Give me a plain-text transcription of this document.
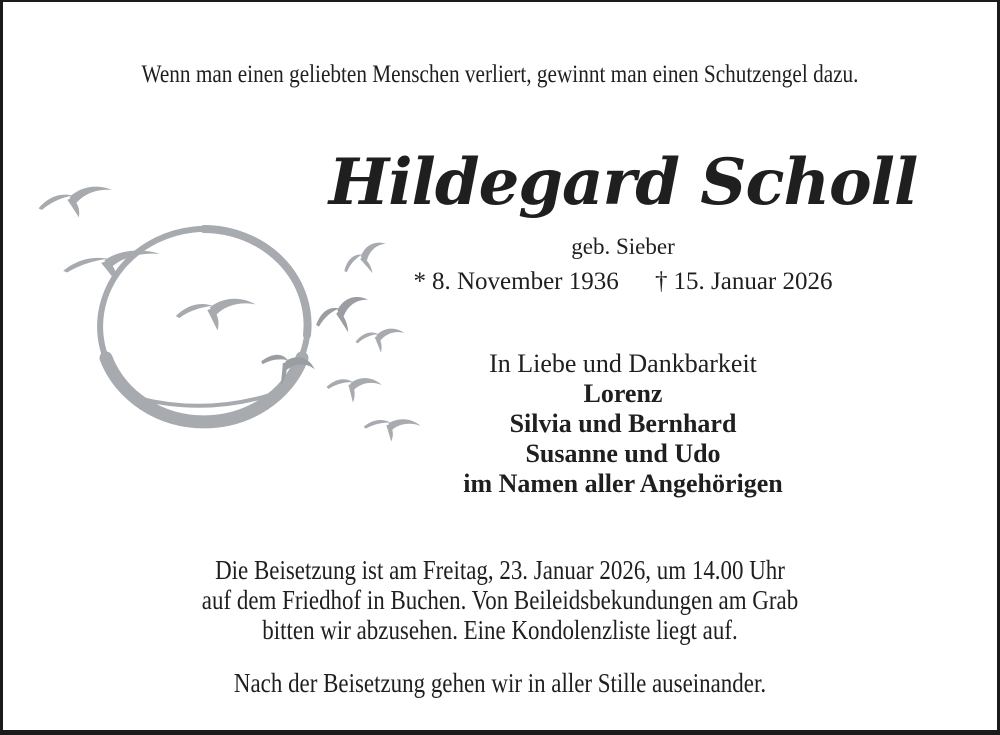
Wenn man einen geliebten Menschen verliert, gewinnt man einen Schutzengel dazu.
Hildegard Scholl
geb. Sieber
* 8. November 1936 † 15. Januar 2026
In Liebe und Dankbarkeit
Lorenz
Silvia und Bernhard
Susanne und Udo
im Namen aller Angehörigen
Die Beisetzung ist am Freitag, 23. Januar 2026, um 14.00 Uhr
auf dem Friedhof in Buchen. Von Beileidsbekundungen am Grab
bitten wir abzusehen. Eine Kondolenzliste liegt auf.
Nach der Beisetzung gehen wir in aller Stille auseinander.
